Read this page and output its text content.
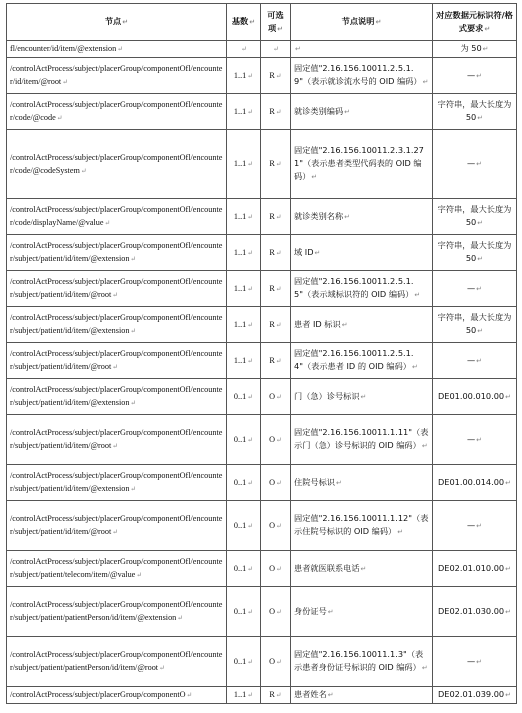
节点↵	基数↵	可选项↵	节点说明↵	对应数据元标识符/格式要求↵
fl/encounter/id/item/@extension↵	↵	↵	↵	为 50↵
/controlActProcess/subject/placerGroup/componentOfl/encounter/id/item/@root↵	1..1↵	R↵	固定值"2.16.156.10011.2.5.1.9"（表示就诊流水号的 OID 编码）↵	—↵
/controlActProcess/subject/placerGroup/componentOfl/encounter/code/@code↵	1..1↵	R↵	就诊类别编码↵	字符串，最大长度为 50↵
/controlActProcess/subject/placerGroup/componentOfl/encounter/code/@codeSystem↵	1..1↵	R↵	固定值"2.16.156.10011.2.3.1.271"（表示患者类型代码表的 OID 编码）↵	—↵
/controlActProcess/subject/placerGroup/componentOfl/encounter/code/displayName/@value↵	1..1↵	R↵	就诊类别名称↵	字符串，最大长度为 50↵
/controlActProcess/subject/placerGroup/componentOfl/encounter/subject/patient/id/item/@extension↵	1..1↵	R↵	域 ID↵	字符串，最大长度为 50↵
/controlActProcess/subject/placerGroup/componentOfl/encounter/subject/patient/id/item/@root↵	1..1↵	R↵	固定值"2.16.156.10011.2.5.1.5"（表示域标识符的 OID 编码）↵	—↵
/controlActProcess/subject/placerGroup/componentOfl/encounter/subject/patient/id/item/@extension↵	1..1↵	R↵	患者 ID 标识↵	字符串，最大长度为 50↵
/controlActProcess/subject/placerGroup/componentOfl/encounter/subject/patient/id/item/@root↵	1..1↵	R↵	固定值"2.16.156.10011.2.5.1.4"（表示患者 ID 的 OID 编码）↵	—↵
/controlActProcess/subject/placerGroup/componentOfl/encounter/subject/patient/id/item/@extension↵	0..1↵	O↵	门（急）诊号标识↵	DE01.00.010.00↵
/controlActProcess/subject/placerGroup/componentOfl/encounter/subject/patient/id/item/@root↵	0..1↵	O↵	固定值"2.16.156.10011.1.11"（表示门（急）诊号标识的 OID 编码）↵	—↵
/controlActProcess/subject/placerGroup/componentOfl/encounter/subject/patient/id/item/@extension↵	0..1↵	O↵	住院号标识↵	DE01.00.014.00↵
/controlActProcess/subject/placerGroup/componentOfl/encounter/subject/patient/id/item/@root↵	0..1↵	O↵	固定值"2.16.156.10011.1.12"（表示住院号标识的 OID 编码）↵	—↵
/controlActProcess/subject/placerGroup/componentOfl/encounter/subject/patient/telecom/item/@value↵	0..1↵	O↵	患者就医联系电话↵	DE02.01.010.00↵
/controlActProcess/subject/placerGroup/componentOfl/encounter/subject/patient/patientPerson/id/item/@extension↵	0..1↵	O↵	身份证号↵	DE02.01.030.00↵
/controlActProcess/subject/placerGroup/componentOfl/encounter/subject/patient/patientPerson/id/item/@root↵	0..1↵	O↵	固定值"2.16.156.10011.1.3"（表示患者身份证号标识的 OID 编码）↵	—↵
/controlActProcess/subject/placerGroup/componentO↵	1..1↵	R↵	患者姓名↵	DE02.01.039.00↵
